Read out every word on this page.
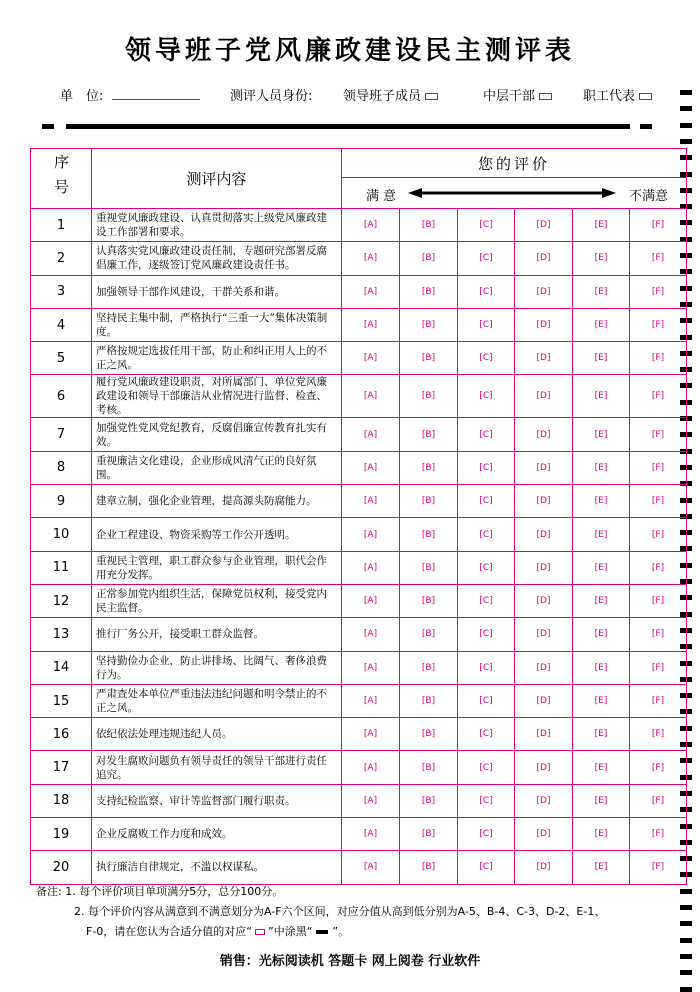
领导班子党风廉政建设民主测评表
单　位:	测评人员身份: 领导班子成员	中层干部	职工代表
序号	测评内容	您的评价					

		满意 不满意					

1	重视党风廉政建设、认真贯彻落实上级党风廉政建设工作部署和要求。	[A]	[B]	[C]	[D]	[E]	[F]
2	认真落实党风廉政建设责任制，专题研究部署反腐倡廉工作，逐级签订党风廉政建设责任书。	[A]	[B]	[C]	[D]	[E]	[F]
3	加强领导干部作风建设，干群关系和谐。	[A]	[B]	[C]	[D]	[E]	[F]
4	坚持民主集中制，严格执行“三重一大”集体决策制度。	[A]	[B]	[C]	[D]	[E]	[F]
5	严格按规定选拔任用干部，防止和纠正用人上的不正之风。	[A]	[B]	[C]	[D]	[E]	[F]
6	履行党风廉政建设职责，对所属部门、单位党风廉政建设和领导干部廉洁从业情况进行监督、检查、考核。	[A]	[B]	[C]	[D]	[E]	[F]
7	加强党性党风党纪教育，反腐倡廉宣传教育扎实有效。	[A]	[B]	[C]	[D]	[E]	[F]
8	重视廉洁文化建设，企业形成风清气正的良好氛围。	[A]	[B]	[C]	[D]	[E]	[F]
9	建章立制，强化企业管理，提高源头防腐能力。	[A]	[B]	[C]	[D]	[E]	[F]
10	企业工程建设、物资采购等工作公开透明。	[A]	[B]	[C]	[D]	[E]	[F]
11	重视民主管理，职工群众参与企业管理，职代会作用充分发挥。	[A]	[B]	[C]	[D]	[E]	[F]
12	正常参加党内组织生活，保障党员权利，接受党内民主监督。	[A]	[B]	[C]	[D]	[E]	[F]
13	推行厂务公开，接受职工群众监督。	[A]	[B]	[C]	[D]	[E]	[F]
14	坚持勤俭办企业，防止讲排场、比阔气、奢侈浪费行为。	[A]	[B]	[C]	[D]	[E]	[F]
15	严肃查处本单位严重违法违纪问题和明令禁止的不正之风。	[A]	[B]	[C]	[D]	[E]	[F]
16	依纪依法处理违规违纪人员。	[A]	[B]	[C]	[D]	[E]	[F]
17	对发生腐败问题负有领导责任的领导干部进行责任追究。	[A]	[B]	[C]	[D]	[E]	[F]
18	支持纪检监察、审计等监督部门履行职责。	[A]	[B]	[C]	[D]	[E]	[F]
19	企业反腐败工作力度和成效。	[A]	[B]	[C]	[D]	[E]	[F]
20	执行廉洁自律规定，不滥以权谋私。	[A]	[B]	[C]	[D]	[E]	[F]
备注: 1. 每个评价项目单项满分5分，总分100分。
2. 每个评价内容从满意到不满意划分为A-F六个区间，对应分值从高到低分别为A-5、B-4、C-3、D-2、E-1、
F-0，请在您认为合适分值的对应“ ”中涂黑“ ”。
销售：光标阅读机 答题卡 网上阅卷 行业软件
